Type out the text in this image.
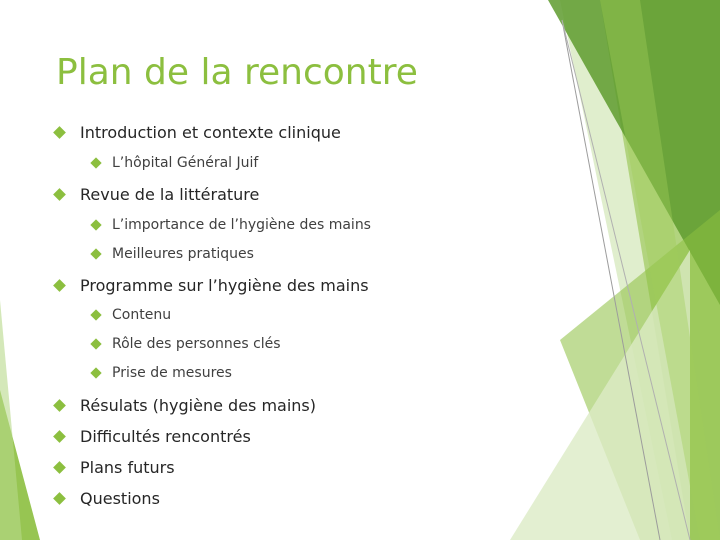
Plan de la rencontre
Introduction et contexte clinique
L’hôpital Général Juif
Revue de la littérature
L’importance de l’hygiène des mains
Meilleures pratiques
Programme sur l’hygiène des mains
Contenu
Rôle des personnes clés
Prise de mesures
Résulats (hygiène des mains)
Difficultés rencontrés
Plans futurs
Questions
